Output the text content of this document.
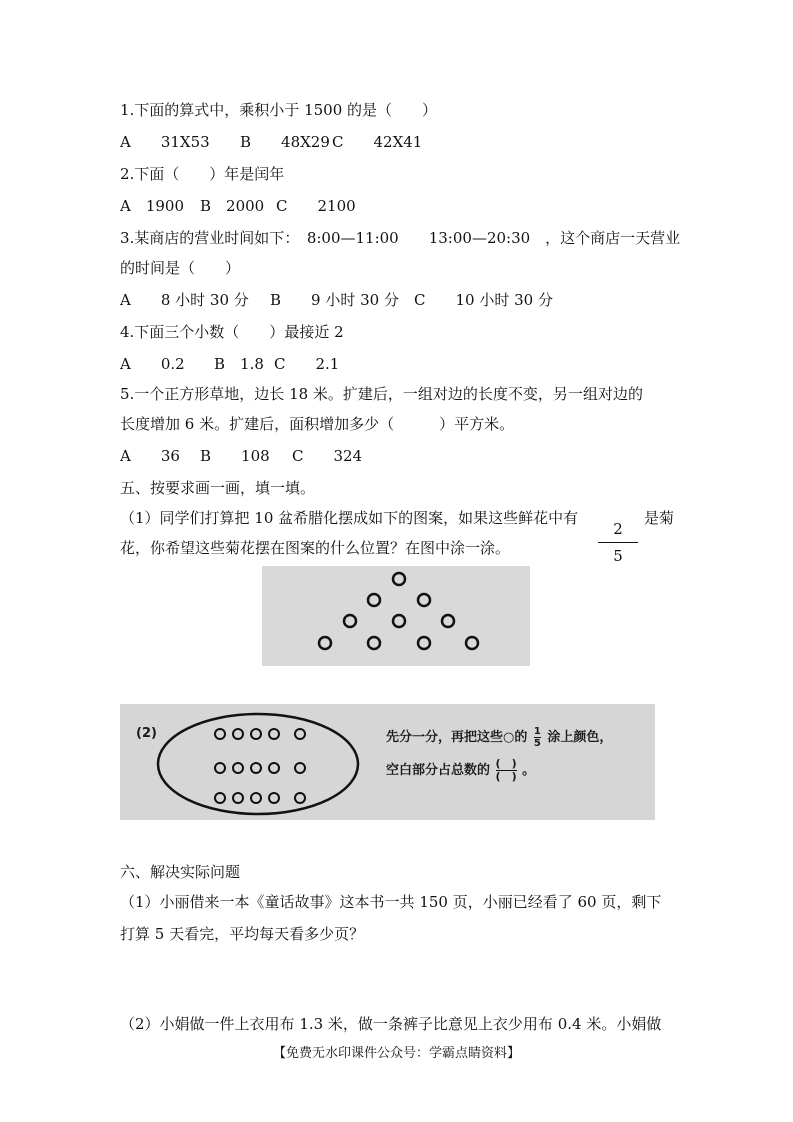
1.下面的算式中，乘积小于 1500 的是（　　）
A　　31X53 B　　48X29 C　　42X41
2.下面（　　）年是闰年
A　1900 B　2000 C　　2100
3.某商店的营业时间如下：　8:00—11:00　　13:00—20:30　，这个商店一天营业
的时间是（　　）
A　　8 小时 30 分 B　　9 小时 30 分 C　　10 小时 30 分
4.下面三个小数（　　）最接近 2
A　　0.2 B　1.8 C　　2.1
5.一个正方形草地，边长 18 米。扩建后，一组对边的长度不变，另一组对边的
长度增加 6 米。扩建后，面积增加多少（　　　）平方米。
A　　36 B　　108 C　　324
五、按要求画一画，填一填。
（1）同学们打算把 10 盆希腊化摆成如下的图案，如果这些鲜花中有
2
5
是菊
花，你希望这些菊花摆在图案的什么位置？在图中涂一涂。
(2)	先分一分，再把这些○的 $\frac{1}{5}$ 涂上颜色，
空白部分占总数的 (　)
(　) 。
六、解决实际问题
（1）小丽借来一本《童话故事》这本书一共 150 页，小丽已经看了 60 页，剩下
打算 5 天看完，平均每天看多少页？
（2）小娟做一件上衣用布 1.3 米，做一条裤子比意见上衣少用布 0.4 米。小娟做
【免费无水印课件公众号：学霸点睛资料】
